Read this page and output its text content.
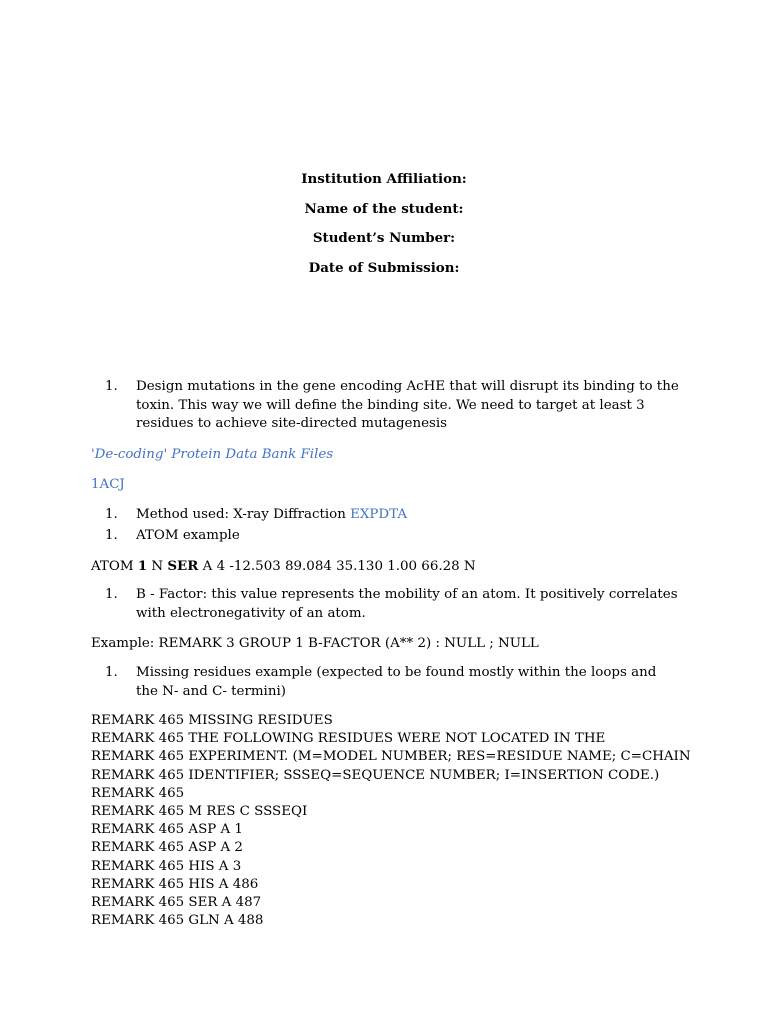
Institution Affiliation:
Name of the student:
Student’s Number:
Date of Submission:
1. Design mutations in the gene encoding AcHE that will disrupt its binding to the toxin. This way we will define the binding site. We need to target at least 3 residues to achieve site-directed mutagenesis
'De-coding' Protein Data Bank Files
1ACJ
1. Method used: X-ray Diffraction EXPDTA
1. ATOM example
ATOM 1 N SER A 4 -12.503 89.084 35.130 1.00 66.28 N
1. B - Factor: this value represents the mobility of an atom. It positively correlates with electronegativity of an atom.
Example: REMARK 3 GROUP 1 B-FACTOR (A** 2) : NULL ; NULL
1. Missing residues example (expected to be found mostly within the loops and the N- and C- termini)
REMARK 465 MISSING RESIDUES
REMARK 465 THE FOLLOWING RESIDUES WERE NOT LOCATED IN THE
REMARK 465 EXPERIMENT. (M=MODEL NUMBER; RES=RESIDUE NAME; C=CHAIN
REMARK 465 IDENTIFIER; SSSEQ=SEQUENCE NUMBER; I=INSERTION CODE.)
REMARK 465
REMARK 465 M RES C SSSEQI
REMARK 465 ASP A 1
REMARK 465 ASP A 2
REMARK 465 HIS A 3
REMARK 465 HIS A 486
REMARK 465 SER A 487
REMARK 465 GLN A 488
